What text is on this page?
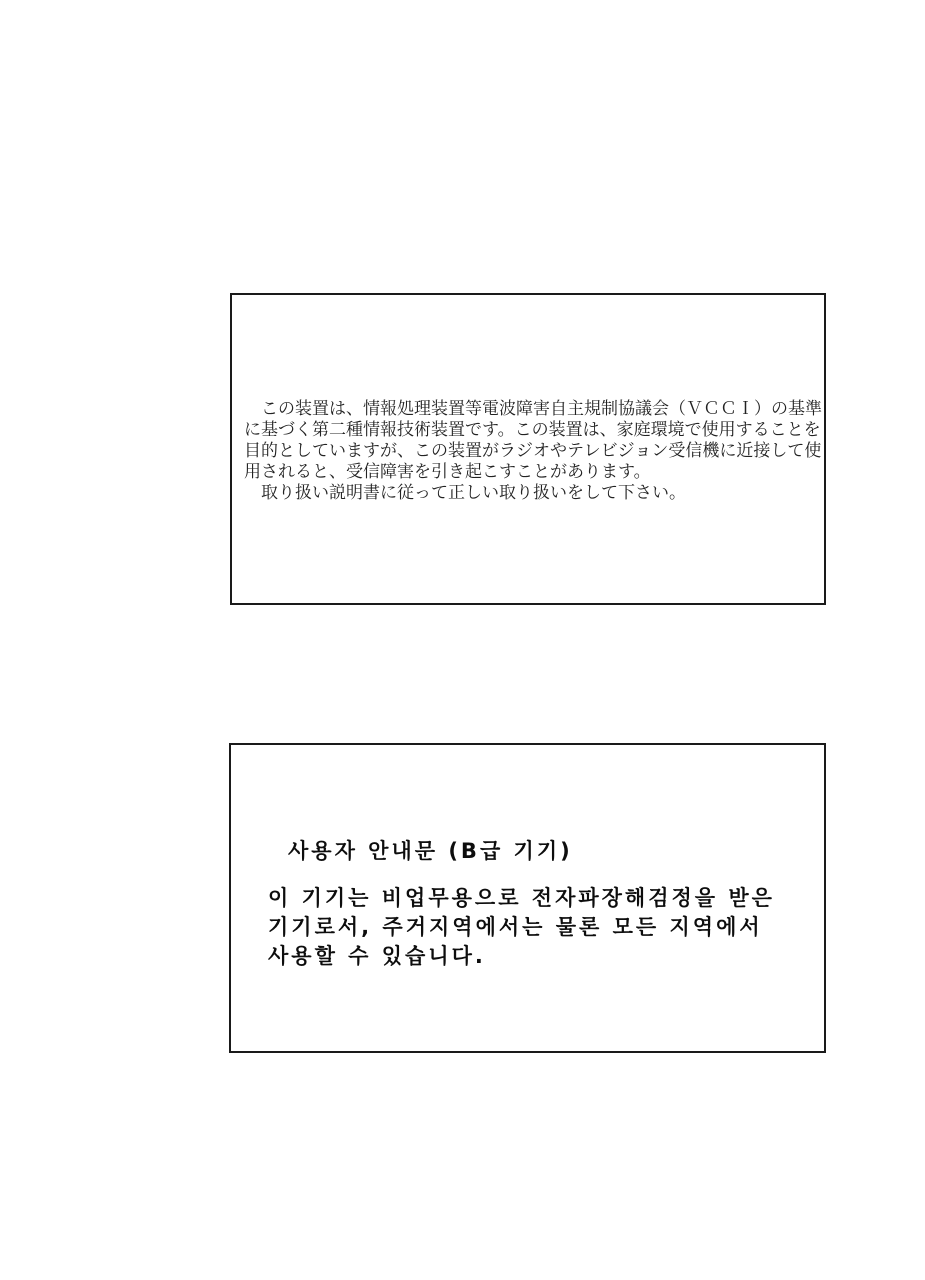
　この装置は、情報処理装置等電波障害自主規制協議会（ＶＣＣＩ）の基準
に基づく第二種情報技術装置です。この装置は、家庭環境で使用することを
目的としていますが、この装置がラジオやテレビジョン受信機に近接して使
用されると、受信障害を引き起こすことがあります。
　取り扱い説明書に従って正しい取り扱いをして下さい。
사용자 안내문 (B급 기기)
이 기기는 비업무용으로 전자파장해검정을 받은
기기로서, 주거지역에서는 물론 모든 지역에서
사용할 수 있습니다.
